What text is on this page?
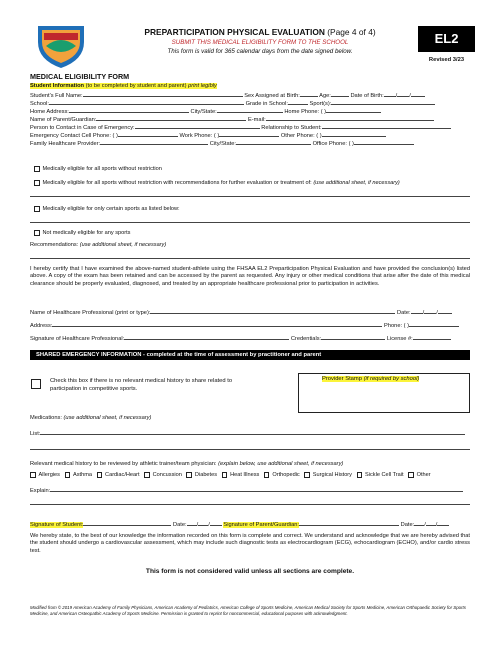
PREPARTICIPATION PHYSICAL EVALUATION (Page 4 of 4)
SUBMIT THIS MEDICAL ELIGIBILITY FORM TO THE SCHOOL
This form is valid for 365 calendar days from the date signed below.
EL2
Revised 3/23
MEDICAL ELIGIBILITY FORM
Student Information (to be completed by student and parent) print legibly
Student's Full Name:	Sex Assigned at Birth:	Age:	Date of Birth: / /
School:	Grade in School:	Sport(s):
Home Address:	City/State:	Home Phone: ( )
Name of Parent/Guardian:	E-mail:
Person to Contact in Case of Emergency:	Relationship to Student:
Emergency Contact Cell Phone: ( )	Work Phone: ( )	Other Phone: ( )
Family Healthcare Provider:	City/State:	Office Phone: ( )
Medically eligible for all sports without restriction
Medically eligible for all sports without restriction with recommendations for further evaluation or treatment of: (use additional sheet, if necessary)
Medically eligible for only certain sports as listed below:
Not medically eligible for any sports
Recommendations: (use additional sheet, if necessary)
I hereby certify that I have examined the above-named student-athlete using the FHSAA EL2 Preparticipation Physical Evaluation and have provided the conclusion(s) listed above. A copy of the exam has been retained and can be accessed by the parent as requested. Any injury or other medical conditions that arise after the date of this medical clearance should be properly evaluated, diagnosed, and treated by an appropriate healthcare professional prior to participation in activities.
Name of Healthcare Professional (print or type):	Date: / /
Address:	Phone: ( )
Signature of Healthcare Professional:	Credentials:	License #:
SHARED EMERGENCY INFORMATION - completed at the time of assessment by practitioner and parent
Check this box if there is no relevant medical history to share related to
participation in competitive sports.
Provider Stamp (if required by school)
Medications: (use additional sheet, if necessary)
List:
Relevant medical history to be reviewed by athletic trainer/team physician: (explain below, use additional sheet, if necessary)
Allergies Asthma Cardiac/Heart Concussion Diabetes Heat Illness Orthopedic Surgical History Sickle Cell Trait Other
Explain:
Signature of Student:	Date: / / Signature of Parent/Guardian:	Date: / /
We hereby state, to the best of our knowledge the information recorded on this form is complete and correct. We understand and acknowledge that we are hereby advised that the student should undergo a cardiovascular assessment, which may include such diagnostic tests as electrocardiogram (ECG), echocardiogram (ECHO), and/or cardio stress test.
This form is not considered valid unless all sections are complete.
Modified from © 2019 American Academy of Family Physicians, American Academy of Pediatrics, American College of Sports Medicine, American Medical Society for Sports Medicine, American Orthopaedic Society for Sports Medicine, and American Osteopathic Academy of Sports Medicine. Permission is granted to reprint for noncommercial, educational purposes with acknowledgment.
